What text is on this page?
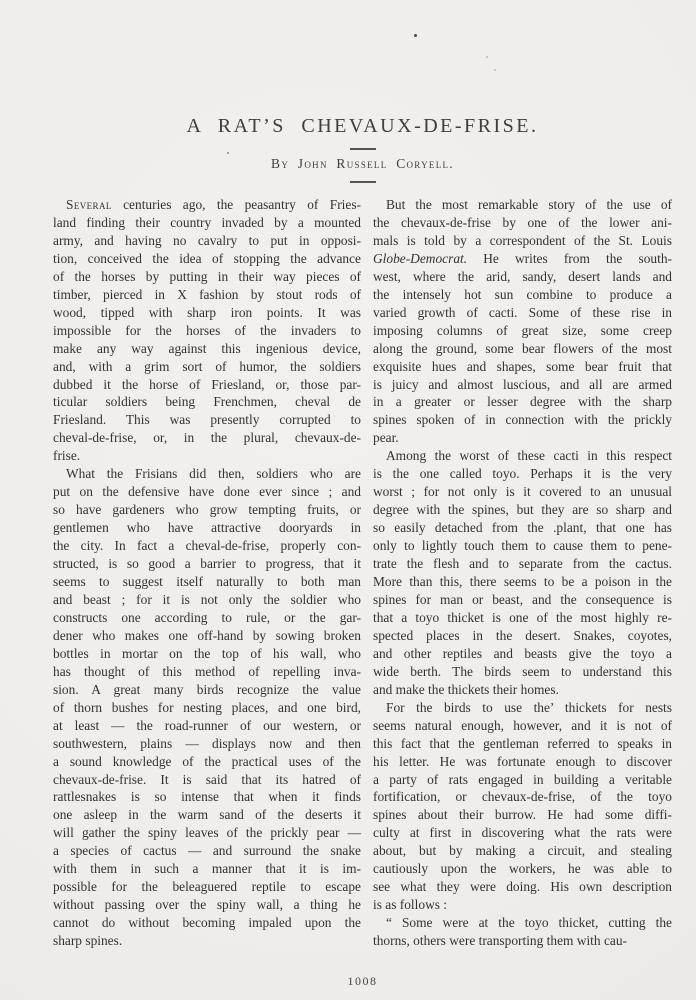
A RAT’S CHEVAUX-DE-FRISE.
By John Russell Coryell.
Several centuries ago, the peasantry of Fries-
land finding their country invaded by a mounted
army, and having no cavalry to put in opposi-
tion, conceived the idea of stopping the advance
of the horses by putting in their way pieces of
timber, pierced in X fashion by stout rods of
wood, tipped with sharp iron points. It was
impossible for the horses of the invaders to
make any way against this ingenious device,
and, with a grim sort of humor, the soldiers
dubbed it the horse of Friesland, or, those par-
ticular soldiers being Frenchmen, cheval de
Friesland. This was presently corrupted to
cheval-de-frise, or, in the plural, chevaux-de-
frise.
What the Frisians did then, soldiers who are
put on the defensive have done ever since ; and
so have gardeners who grow tempting fruits, or
gentlemen who have attractive dooryards in
the city. In fact a cheval-de-frise, properly con-
structed, is so good a barrier to progress, that it
seems to suggest itself naturally to both man
and beast ; for it is not only the soldier who
constructs one according to rule, or the gar-
dener who makes one off-hand by sowing broken
bottles in mortar on the top of his wall, who
has thought of this method of repelling inva-
sion. A great many birds recognize the value
of thorn bushes for nesting places, and one bird,
at least — the road-runner of our western, or
southwestern, plains — displays now and then
a sound knowledge of the practical uses of the
chevaux-de-frise. It is said that its hatred of
rattlesnakes is so intense that when it finds
one asleep in the warm sand of the deserts it
will gather the spiny leaves of the prickly pear —
a species of cactus — and surround the snake
with them in such a manner that it is im-
possible for the beleaguered reptile to escape
without passing over the spiny wall, a thing he
cannot do without becoming impaled upon the
sharp spines.
But the most remarkable story of the use of
the chevaux-de-frise by one of the lower ani-
mals is told by a correspondent of the St. Louis
Globe-Democrat. He writes from the south-
west, where the arid, sandy, desert lands and
the intensely hot sun combine to produce a
varied growth of cacti. Some of these rise in
imposing columns of great size, some creep
along the ground, some bear flowers of the most
exquisite hues and shapes, some bear fruit that
is juicy and almost luscious, and all are armed
in a greater or lesser degree with the sharp
spines spoken of in connection with the prickly
pear.
Among the worst of these cacti in this respect
is the one called toyo. Perhaps it is the very
worst ; for not only is it covered to an unusual
degree with the spines, but they are so sharp and
so easily detached from the .plant, that one has
only to lightly touch them to cause them to pene-
trate the flesh and to separate from the cactus.
More than this, there seems to be a poison in the
spines for man or beast, and the consequence is
that a toyo thicket is one of the most highly re-
spected places in the desert. Snakes, coyotes,
and other reptiles and beasts give the toyo a
wide berth. The birds seem to understand this
and make the thickets their homes.
For the birds to use the’ thickets for nests
seems natural enough, however, and it is not of
this fact that the gentleman referred to speaks in
his letter. He was fortunate enough to discover
a party of rats engaged in building a veritable
fortification, or chevaux-de-frise, of the toyo
spines about their burrow. He had some diffi-
culty at first in discovering what the rats were
about, but by making a circuit, and stealing
cautiously upon the workers, he was able to
see what they were doing. His own description
is as follows :
“ Some were at the toyo thicket, cutting the
thorns, others were transporting them with cau-
1008
